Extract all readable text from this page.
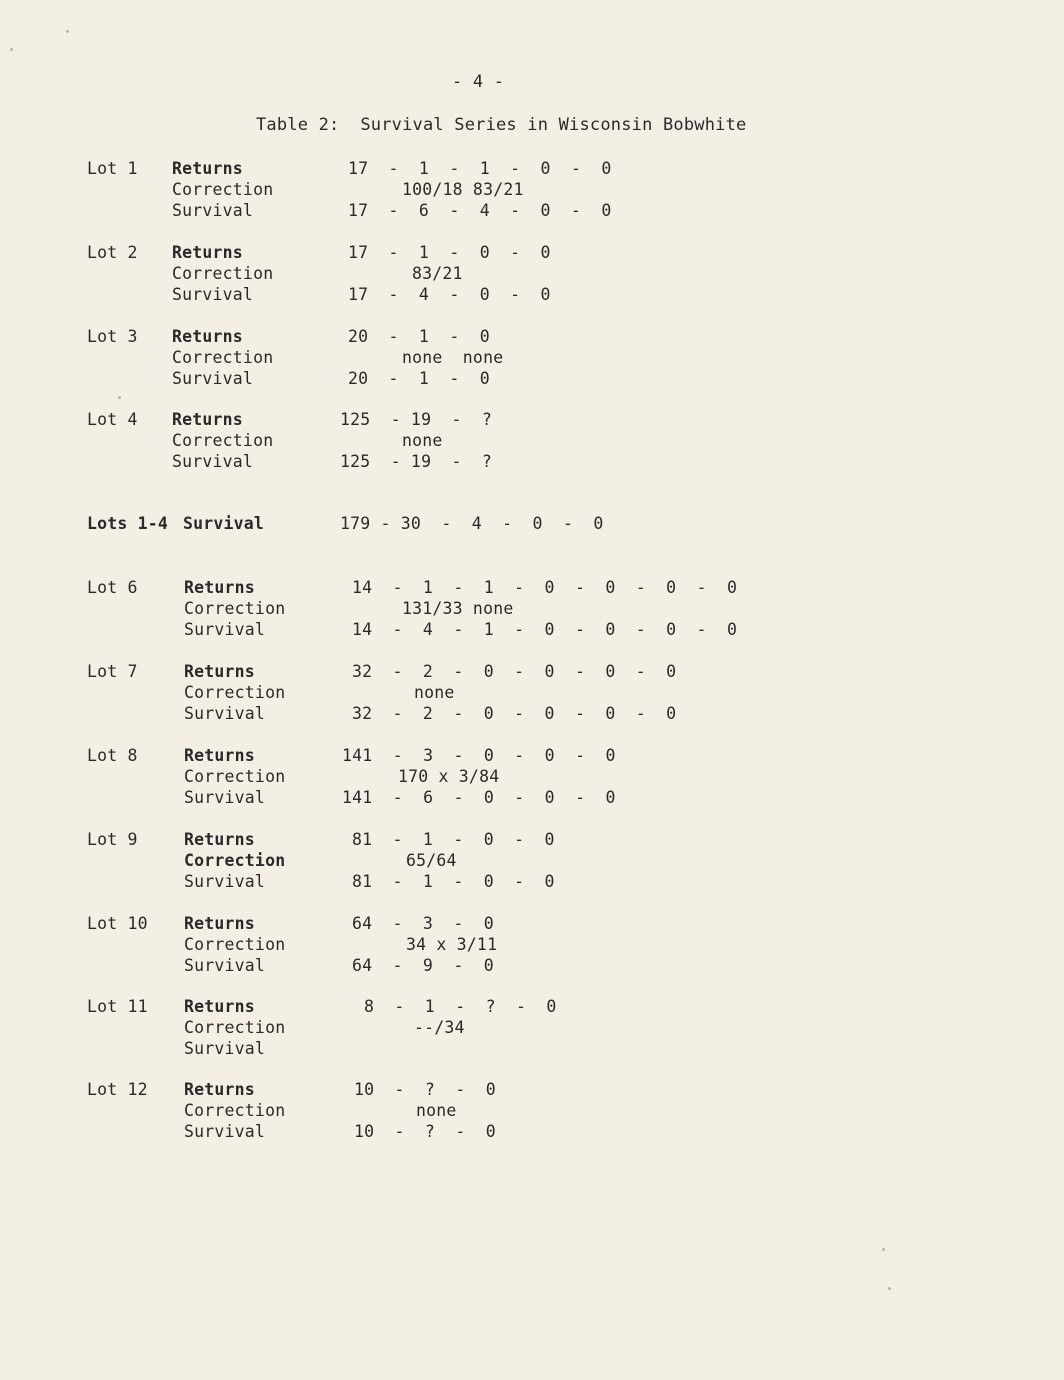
- 4 -
Table 2:  Survival Series in Wisconsin Bobwhite
Lot 1 Returns	17  -  1  -  1  -  0  -  0
Correction	100/18 83/21
Survival	17  -  6  -  4  -  0  -  0
Lot 2 Returns	17  -  1  -  0  -  0
Correction	83/21
Survival	17  -  4  -  0  -  0
Lot 3 Returns	20  -  1  -  0
Correction	none  none
Survival	20  -  1  -  0
Lot 4 Returns	125  - 19  -  ?
Correction	none
Survival	125  - 19  -  ?
Lots 1-4 Survival	179 - 30  -  4  -  0  -  0
Lot 6	Returns	14  -  1  -  1  -  0  -  0  -  0  -  0
Correction	131/33 none
Survival	14  -  4  -  1  -  0  -  0  -  0  -  0
Lot 7	Returns	32  -  2  -  0  -  0  -  0  -  0
Correction	none
Survival	32  -  2  -  0  -  0  -  0  -  0
Lot 8	Returns	141  -  3  -  0  -  0  -  0
Correction	170 x 3/84
Survival	141  -  6  -  0  -  0  -  0
Lot 9	Returns	81  -  1  -  0  -  0
Correction	65/64
Survival	81  -  1  -  0  -  0
Lot 10 Returns	64  -  3  -  0
Correction	34 x 3/11
Survival	64  -  9  -  0
Lot 11 Returns	8  -  1  -  ?  -  0
Correction	--/34
Survival
Lot 12 Returns	10  -  ?  -  0
Correction	none
Survival	10  -  ?  -  0
